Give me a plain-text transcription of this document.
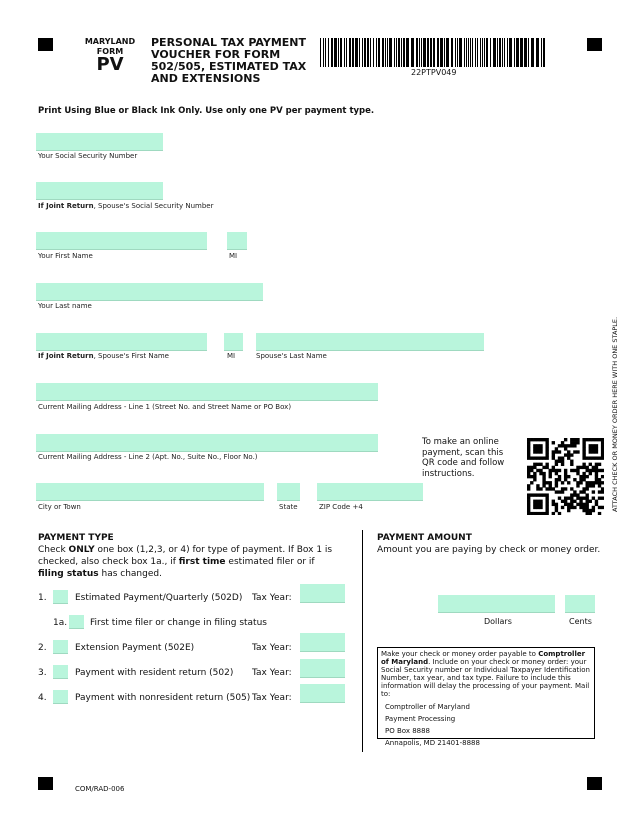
MARYLAND
FORM
PV
PERSONAL TAX PAYMENT
VOUCHER FOR FORM
502/505, ESTIMATED TAX
AND EXTENSIONS	22PTPV049
Print Using Blue or Black Ink Only. Use only one PV per payment type.
Your Social Security Number
If Joint Return, Spouse's Social Security Number
Your First Name	MI
Your Last name
If Joint Return, Spouse's First Name	MI	Spouse's Last Name
Current Mailing Address - Line 1 (Street No. and Street Name or PO Box)
Current Mailing Address - Line 2 (Apt. No., Suite No., Floor No.)
City or Town	State	ZIP Code +4
To make an online payment, scan this QR code and follow instructions.	ATTACH CHECK OR MONEY ORDER HERE WITH ONE STAPLE.
PAYMENT TYPE
Check ONLY one box (1,2,3, or 4) for type of payment. If Box 1 is checked, also check box 1a., if first time estimated filer or if filing status has changed.
1.	Estimated Payment/Quarterly (502D) Tax Year:
1a.	First time filer or change in filing status
2.	Extension Payment (502E)	Tax Year:
3.	Payment with resident return (502) Tax Year:
4.	Payment with nonresident return (505) Tax Year:
PAYMENT AMOUNT
Amount you are paying by check or money order.
Dollars	Cents
Make your check or money order payable to Comptroller of Maryland. Include on your check or money order: your Social Security number or Individual Taxpayer Identification Number, tax year, and tax type. Failure to include this information will delay the processing of your payment. Mail to:
Comptroller of Maryland
Payment Processing
PO Box 8888
Annapolis, MD 21401-8888
COM/RAD-006
